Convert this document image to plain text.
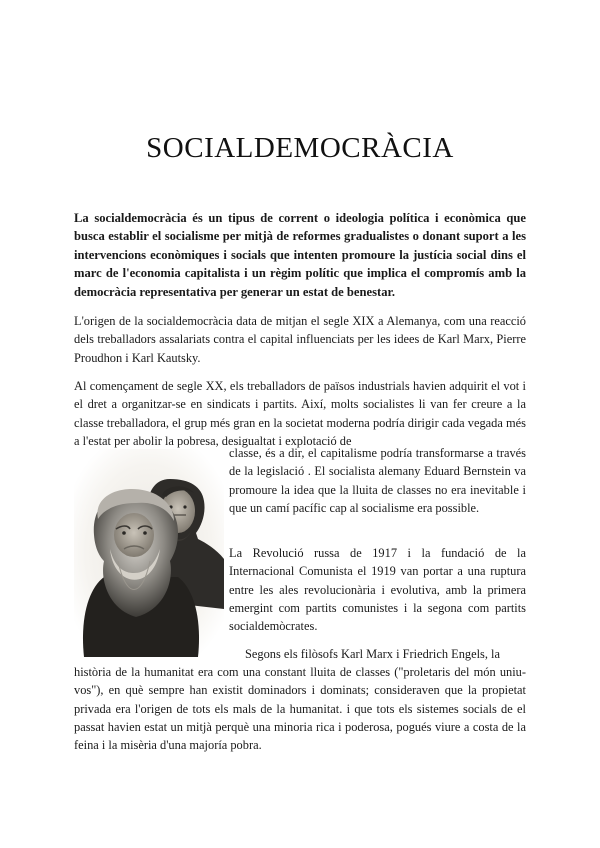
SOCIALDEMOCRÀCIA

La socialdemocràcia és un tipus de corrent o ideologia política i econòmica que busca establir el socialisme per mitjà de reformes gradualistes o donant suport a les intervencions econòmiques i socials que intenten promoure la justícia social dins el marc de l'economia capitalista i un règim polític que implica el compromís amb la democràcia representativa per generar un estat de benestar.

L'origen de la socialdemocràcia data de mitjan el segle XIX a Alemanya, com una reacció dels treballadors assalariats contra el capital influenciats per les idees de Karl Marx, Pierre Proudhon i Karl Kautsky.

Al començament de segle XX, els treballadors de països industrials havien adquirit el vot i el dret a organitzar-se en sindicats i partits. Així, molts socialistes li van fer creure a la classe treballadora, el grup més gran en la societat moderna podría dirigir cada vegada més a l'estat per abolir la pobresa, desigualtat i explotació de

classe, és a dir, el capitalisme podría transformarse a través de la legislació . El socialista alemany Eduard Bernstein va promoure la idea que la lluita de classes no era inevitable i que un camí pacífic cap al socialisme era possible.

La Revolució russa de 1917 i la fundació de la Internacional Comunista el 1919 van portar a una ruptura entre les ales revolucionària i evolutiva, amb la primera emergint com partits comunistes i la segona com partits socialdemòcrates.

Segons els filòsofs Karl Marx i Friedrich Engels, la

història de la humanitat era com una constant lluita de classes ("proletaris del món uniu-vos"), en què sempre han existit dominadors i dominats; consideraven que la propietat privada era l'origen de tots els mals de la humanitat. i que tots els sistemes socials de el passat havien estat un mitjà perquè una minoria rica i poderosa, pogués viure a costa de la feina i la misèria d'una majoría pobra.
